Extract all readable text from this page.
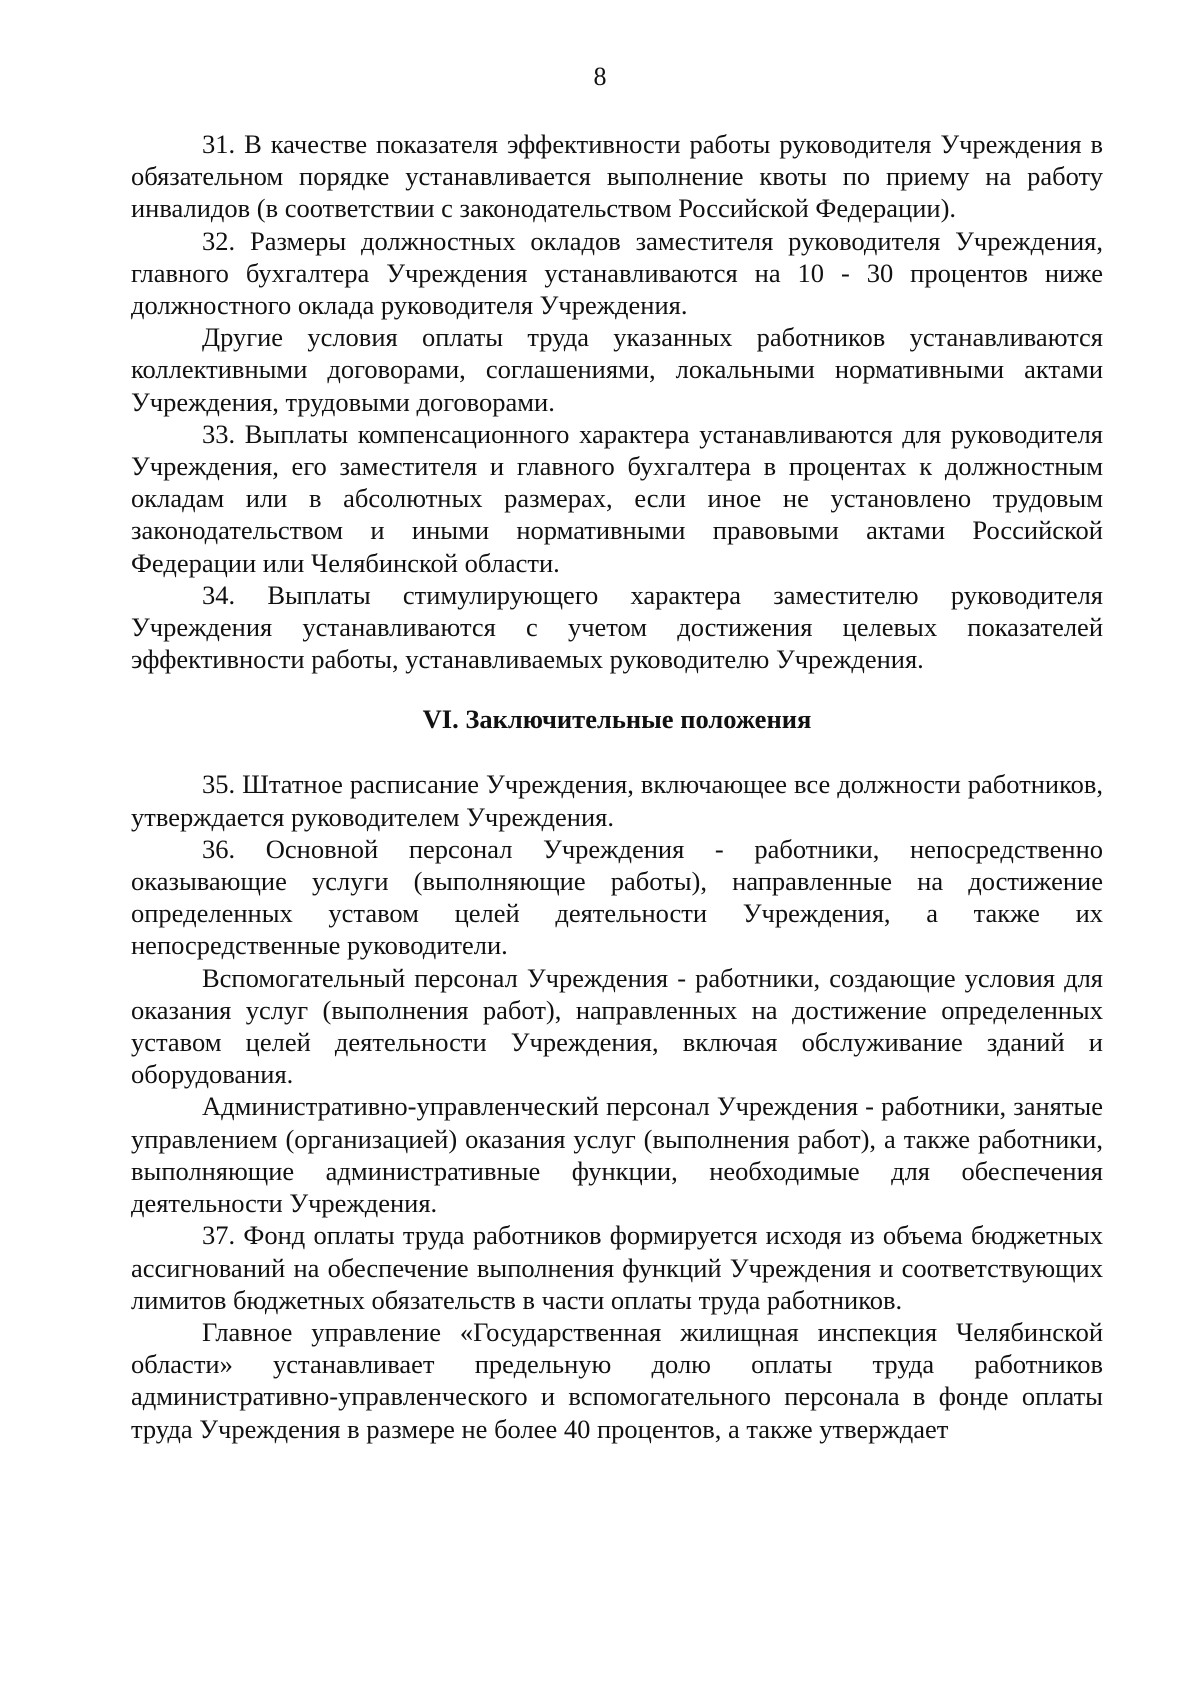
8

31. В качестве показателя эффективности работы руководителя Учреждения в обязательном порядке устанавливается выполнение квоты по приему на работу инвалидов (в соответствии с законодательством Российской Федерации).

32. Размеры должностных окладов заместителя руководителя Учреждения, главного бухгалтера Учреждения устанавливаются на 10 - 30 процентов ниже должностного оклада руководителя Учреждения.

Другие условия оплаты труда указанных работников устанавливаются коллективными договорами, соглашениями, локальными нормативными актами Учреждения, трудовыми договорами.

33. Выплаты компенсационного характера устанавливаются для руководителя Учреждения, его заместителя и главного бухгалтера в процентах к должностным окладам или в абсолютных размерах, если иное не установлено трудовым законодательством и иными нормативными правовыми актами Российской Федерации или Челябинской области.

34. Выплаты стимулирующего характера заместителю руководителя Учреждения устанавливаются с учетом достижения целевых показателей эффективности работы, устанавливаемых руководителю Учреждения.

VI. Заключительные положения

35. Штатное расписание Учреждения, включающее все должности работников, утверждается руководителем Учреждения.

36. Основной персонал Учреждения - работники, непосредственно оказывающие услуги (выполняющие работы), направленные на достижение определенных уставом целей деятельности Учреждения, а также их непосредственные руководители.

Вспомогательный персонал Учреждения - работники, создающие условия для оказания услуг (выполнения работ), направленных на достижение определенных уставом целей деятельности Учреждения, включая обслуживание зданий и оборудования.

Административно-управленческий персонал Учреждения - работники, занятые управлением (организацией) оказания услуг (выполнения работ), а также работники, выполняющие административные функции, необходимые для обеспечения деятельности Учреждения.

37. Фонд оплаты труда работников формируется исходя из объема бюджетных ассигнований на обеспечение выполнения функций Учреждения и соответствующих лимитов бюджетных обязательств в части оплаты труда работников.

Главное управление «Государственная жилищная инспекция Челябинской области» устанавливает предельную долю оплаты труда работников административно-управленческого и вспомогательного персонала в фонде оплаты труда Учреждения в размере не более 40 процентов, а также утверждает
